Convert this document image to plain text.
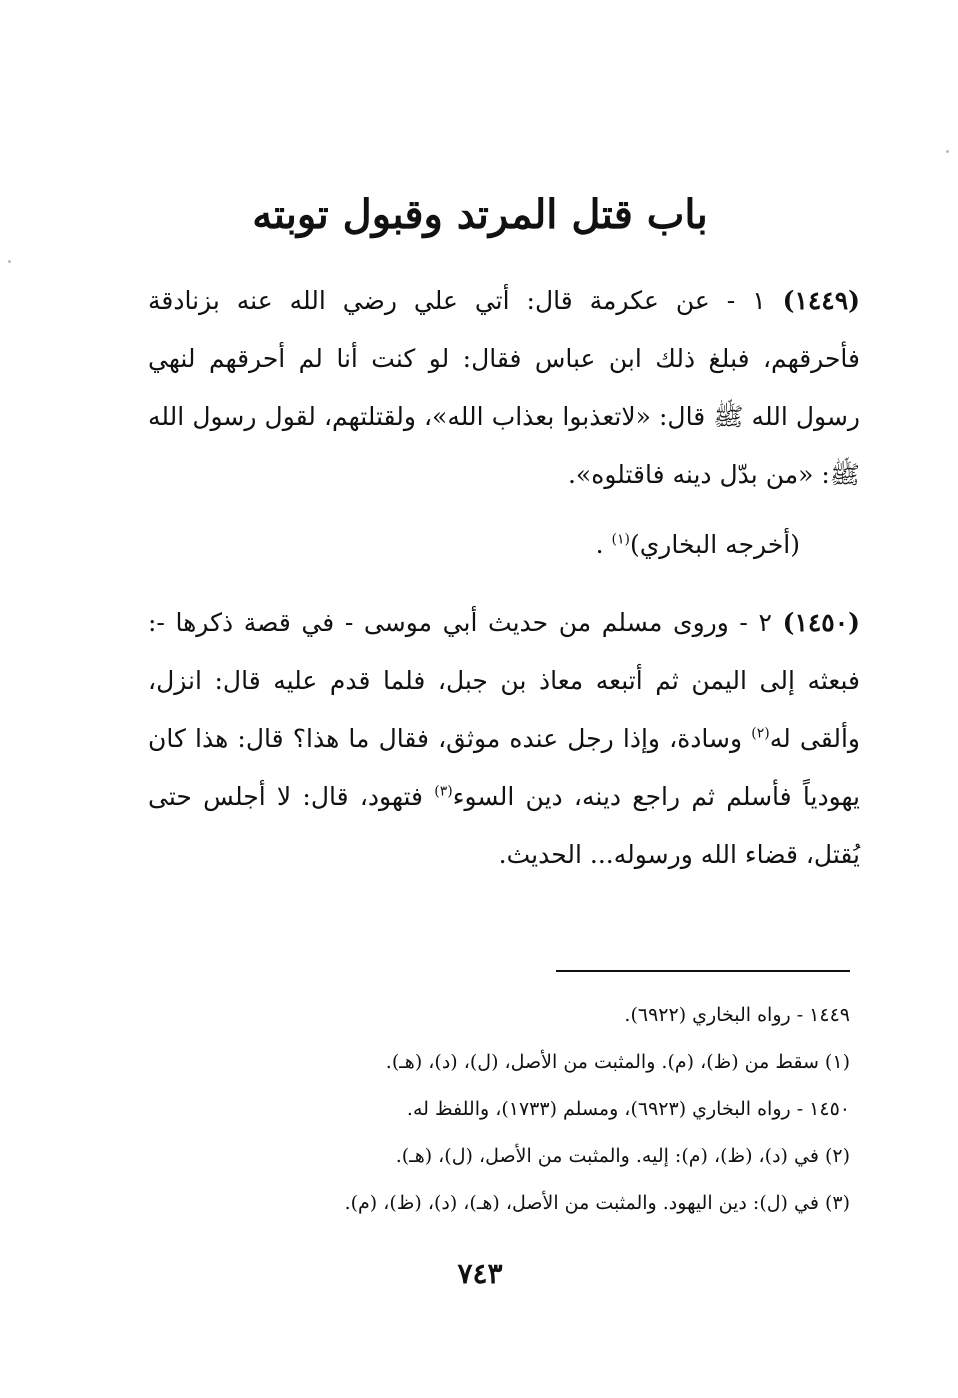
باب قتل المرتد وقبول توبته

(١٤٤٩) ١ - عن عكرمة قال: أتي علي رضي الله عنه بزنادقة فأحرقهم، فبلغ ذلك ابن عباس فقال: لو كنت أنا لم أحرقهم لنهي رسول الله ﷺ قال: «لاتعذبوا بعذاب الله»، ولقتلتهم، لقول رسول الله ﷺ: «من بدّل دينه فاقتلوه».

(أخرجه البخاري)$^{(١)}$ .

(١٤٥٠) ٢ - وروى مسلم من حديث أبي موسى - في قصة ذكرها -: فبعثه إلى اليمن ثم أتبعه معاذ بن جبل، فلما قدم عليه قال: انزل، وألقى له$^{(٢)}$ وسادة، وإذا رجل عنده موثق، فقال ما هذا؟ قال: هذا كان يهودياً فأسلم ثم راجع دينه، دين السوء$^{(٣)}$ فتهود، قال: لا أجلس حتى يُقتل، قضاء الله ورسوله... الحديث.

١٤٤٩ - رواه البخاري (٦٩٢٢).
(١) سقط من (ظ)، (م). والمثبت من الأصل، (ل)، (د)، (هـ).
١٤٥٠ - رواه البخاري (٦٩٢٣)، ومسلم (١٧٣٣)، واللفظ له.
(٢) في (د)، (ظ)، (م): إليه. والمثبت من الأصل، (ل)، (هـ).
(٣) في (ل): دين اليهود. والمثبت من الأصل، (هـ)، (د)، (ظ)، (م).
٧٤٣
